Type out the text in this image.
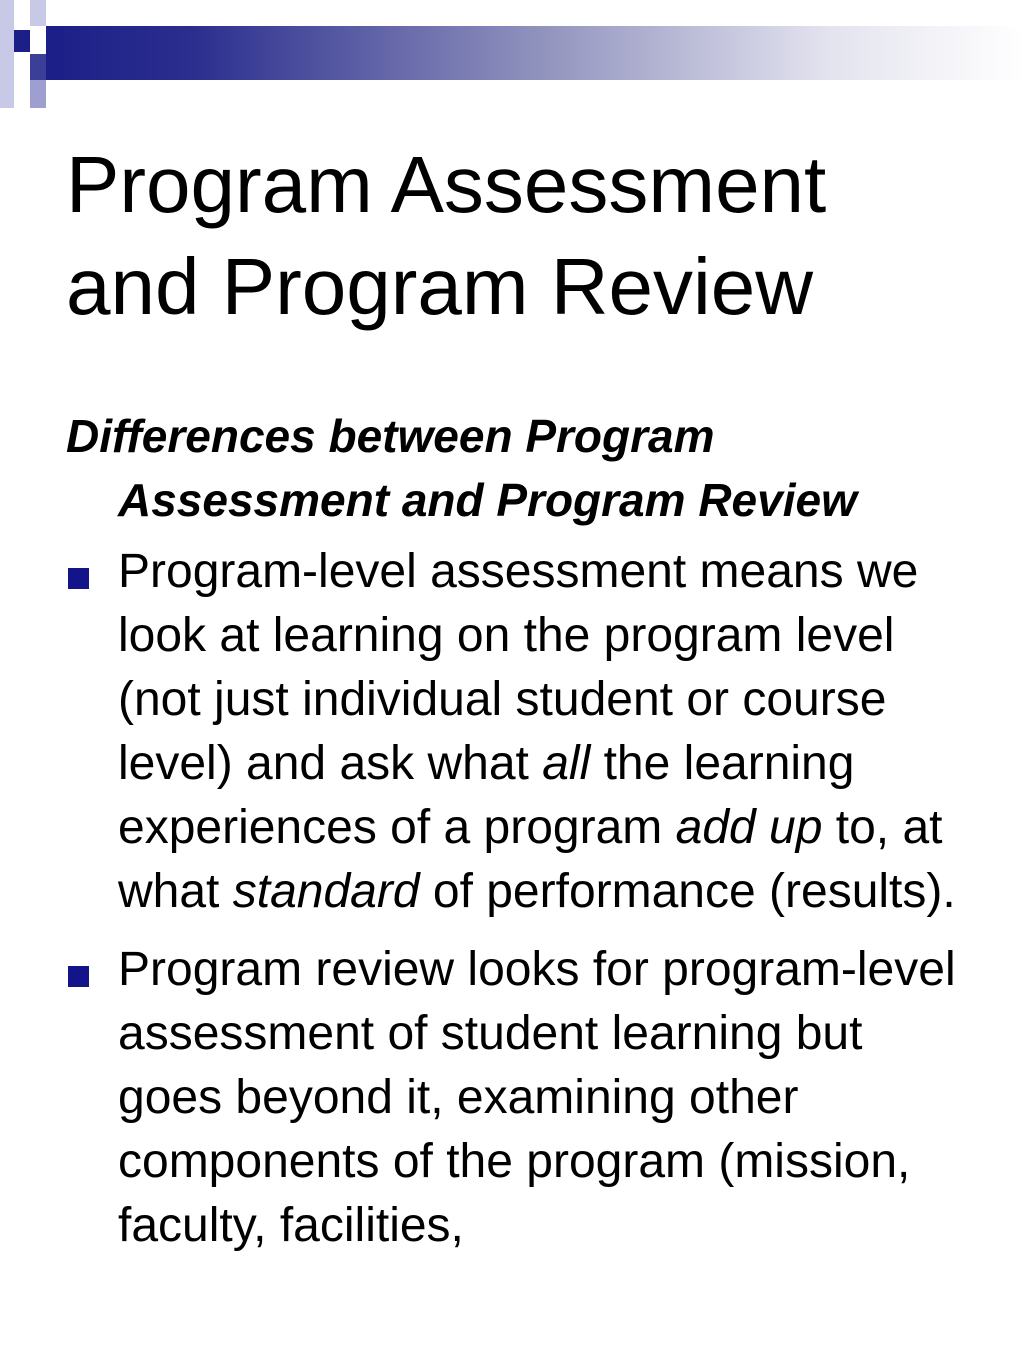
Program Assessment
and Program Review

Differences between Program Assessment and Program Review

Program-level assessment means we look at learning on the program level (not just individual student or course level) and ask what all the learning experiences of a program add up to, at what standard of performance (results).
Program review looks for program-level assessment of student learning but goes beyond it, examining other components of the program (mission, faculty, facilities,
